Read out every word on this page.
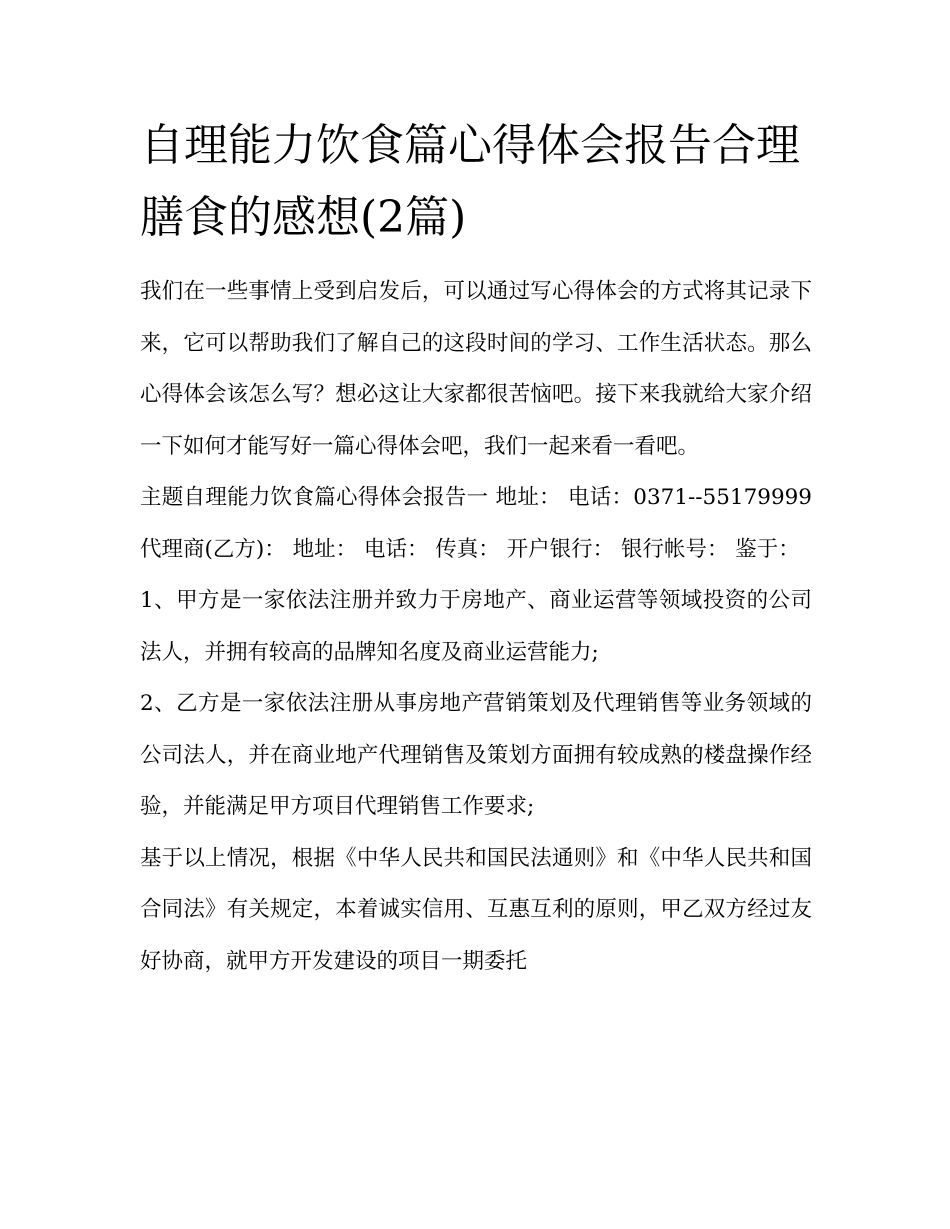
自理能力饮食篇心得体会报告合理膳食的感想(2篇)

我们在一些事情上受到启发后，可以通过写心得体会的方式将其记录下来，它可以帮助我们了解自己的这段时间的学习、工作生活状态。那么心得体会该怎么写？想必这让大家都很苦恼吧。接下来我就给大家介绍一下如何才能写好一篇心得体会吧，我们一起来看一看吧。

主题自理能力饮食篇心得体会报告一 地址： 电话：0371--55179999 代理商(乙方)： 地址： 电话： 传真： 开户银行： 银行帐号： 鉴于：

1、甲方是一家依法注册并致力于房地产、商业运营等领域投资的公司法人，并拥有较高的品牌知名度及商业运营能力;

2、乙方是一家依法注册从事房地产营销策划及代理销售等业务领域的公司法人，并在商业地产代理销售及策划方面拥有较成熟的楼盘操作经验，并能满足甲方项目代理销售工作要求;

基于以上情况，根据《中华人民共和国民法通则》和《中华人民共和国合同法》有关规定，本着诚实信用、互惠互利的原则，甲乙双方经过友好协商，就甲方开发建设的项目一期委托
